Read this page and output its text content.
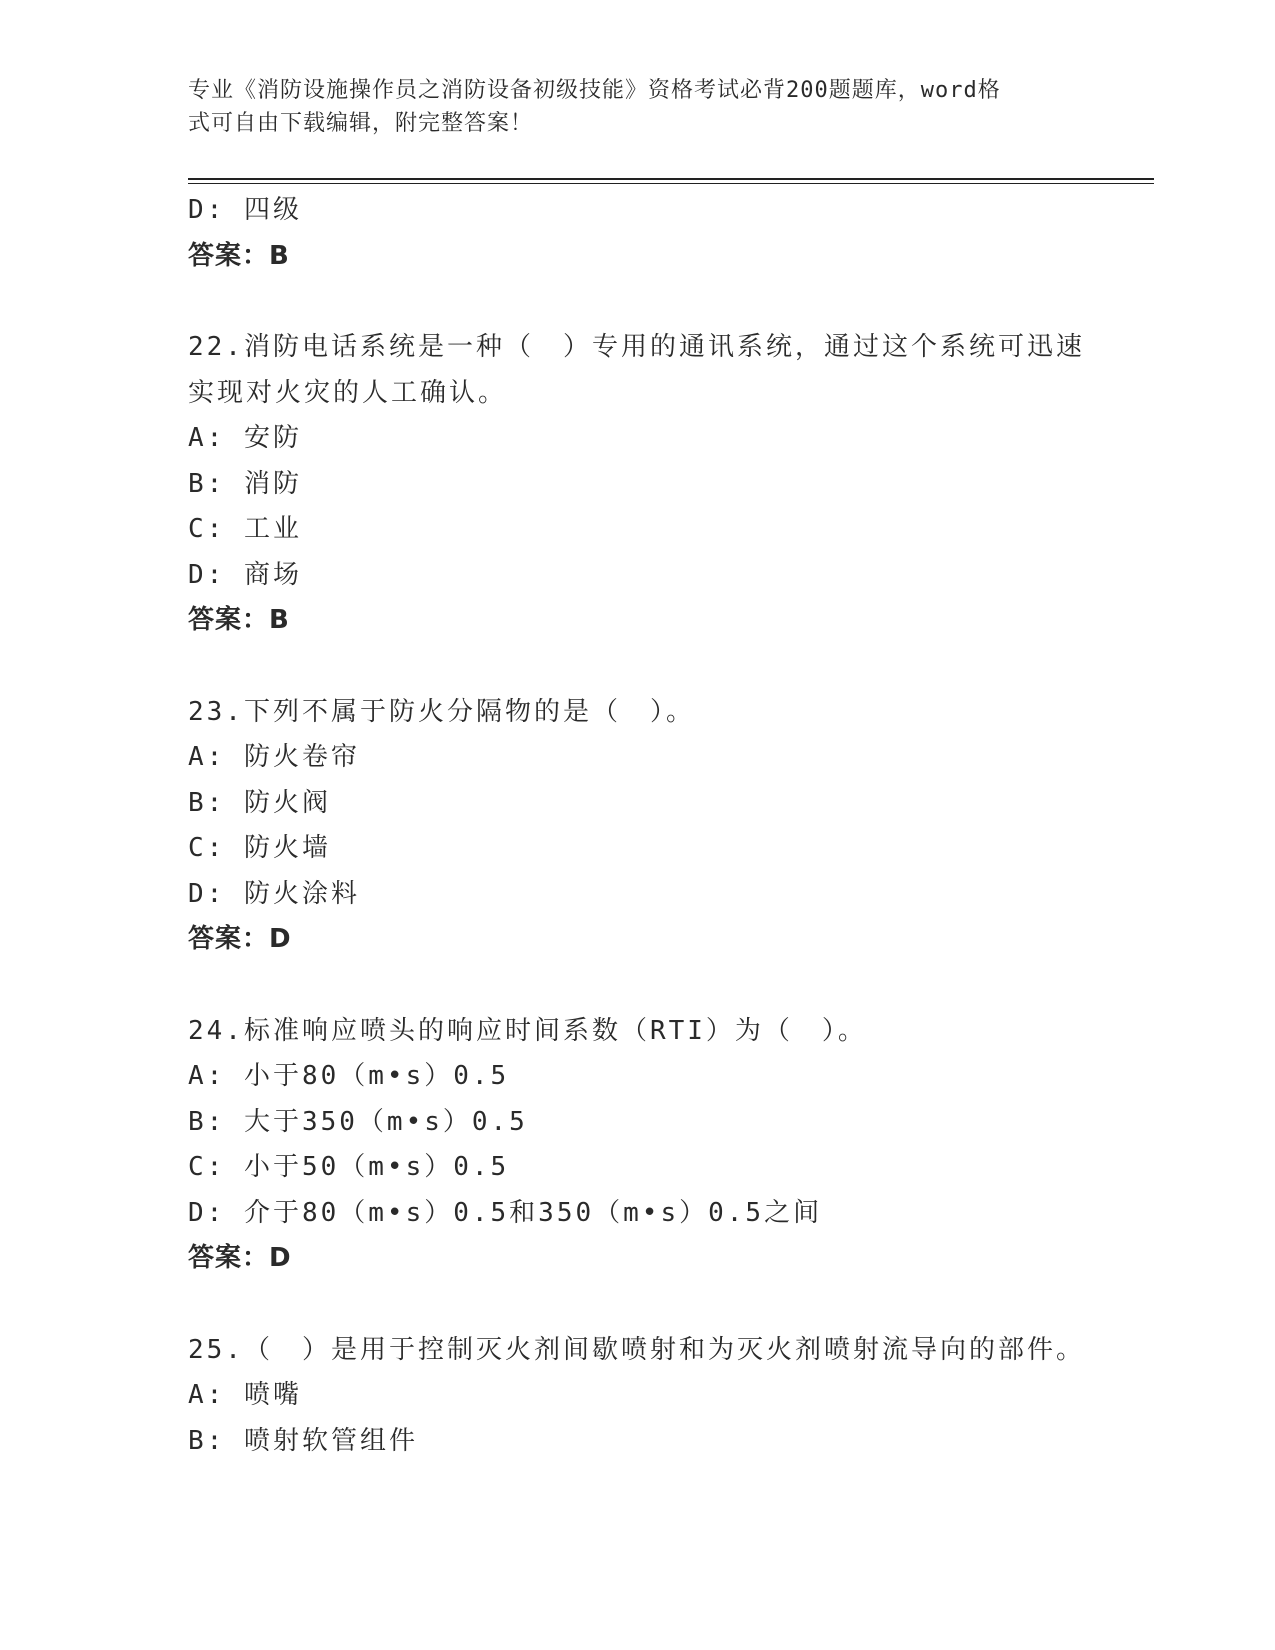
专业《消防设施操作员之消防设备初级技能》资格考试必背200题题库，word格
式可自由下载编辑，附完整答案！
D: 四级
答案：B
22.消防电话系统是一种（　）专用的通讯系统，通过这个系统可迅速
实现对火灾的人工确认。
A: 安防
B: 消防
C: 工业
D: 商场
答案：B
23.下列不属于防火分隔物的是（　）。
A: 防火卷帘
B: 防火阀
C: 防火墙
D: 防火涂料
答案：D
24.标准响应喷头的响应时间系数（RTI）为（　）。
A: 小于80（m•s）0.5
B: 大于350（m•s）0.5
C: 小于50（m•s）0.5
D: 介于80（m•s）0.5和350（m•s）0.5之间
答案：D
25.（　）是用于控制灭火剂间歇喷射和为灭火剂喷射流导向的部件。
A: 喷嘴
B: 喷射软管组件
